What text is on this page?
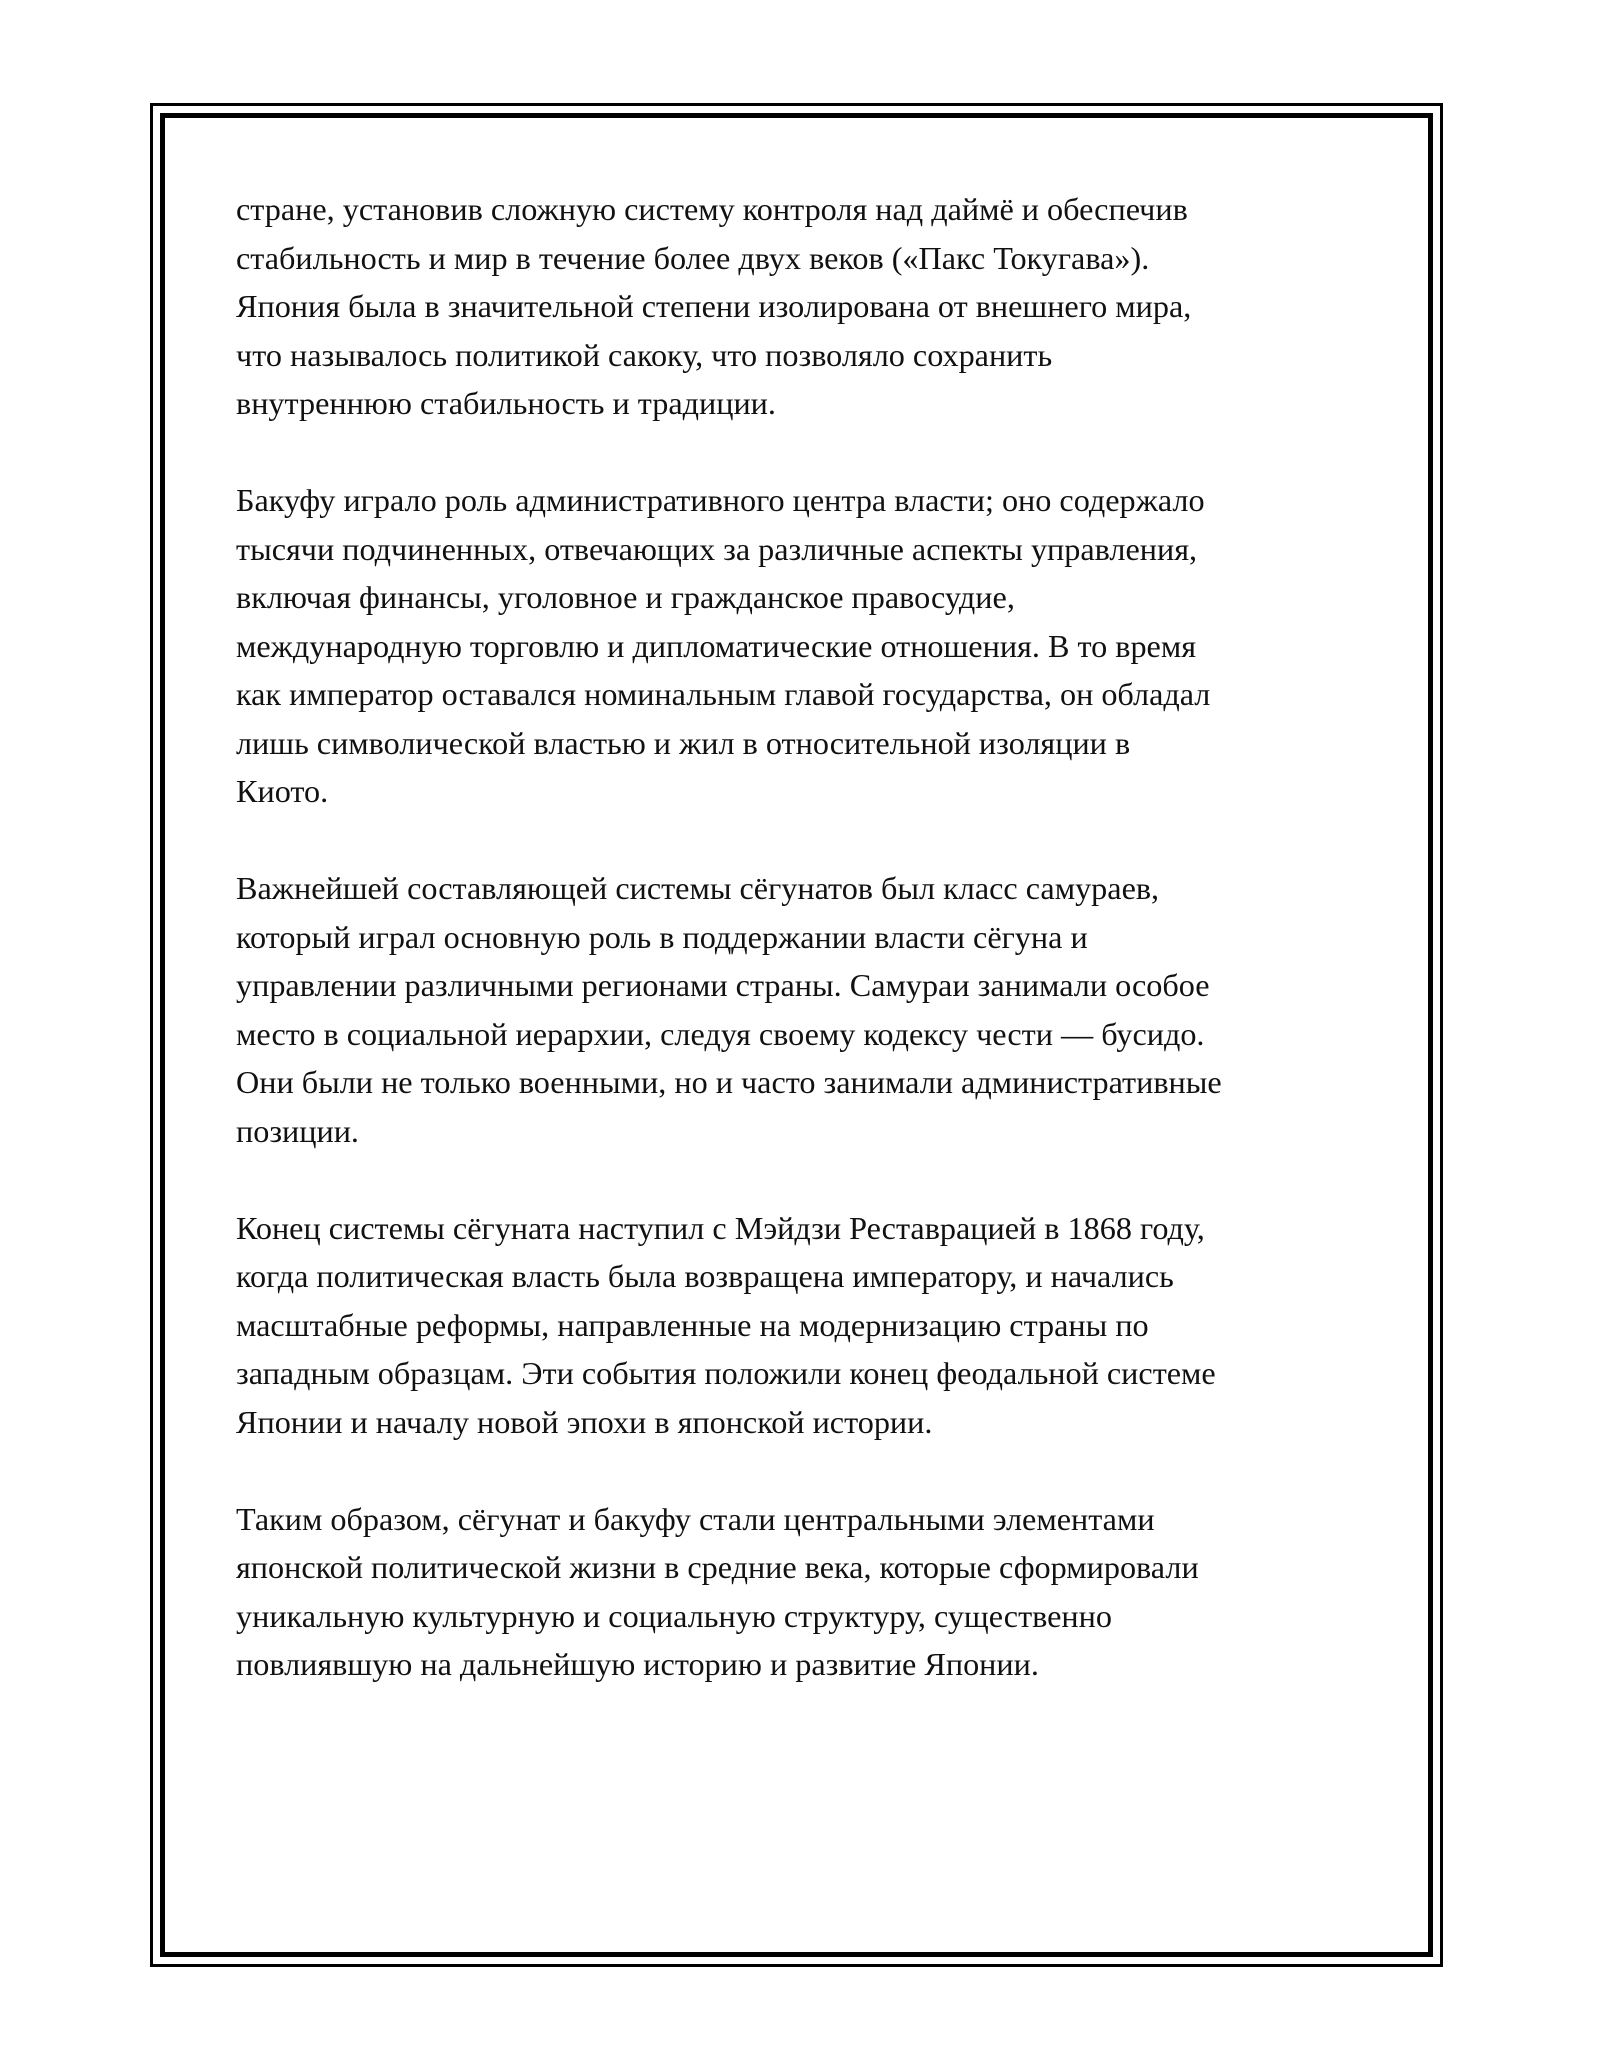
стране, установив сложную систему контроля над даймё и обеспечив
стабильность и мир в течение более двух веков («Пакс Токугава»).
Япония была в значительной степени изолирована от внешнего мира,
что называлось политикой сакоку, что позволяло сохранить
внутреннюю стабильность и традиции.

Бакуфу играло роль административного центра власти; оно содержало
тысячи подчиненных, отвечающих за различные аспекты управления,
включая финансы, уголовное и гражданское правосудие,
международную торговлю и дипломатические отношения. В то время
как император оставался номинальным главой государства, он обладал
лишь символической властью и жил в относительной изоляции в
Киото.

Важнейшей составляющей системы сёгунатов был класс самураев,
который играл основную роль в поддержании власти сёгуна и
управлении различными регионами страны. Самураи занимали особое
место в социальной иерархии, следуя своему кодексу чести — бусидо.
Они были не только военными, но и часто занимали административные
позиции.

Конец системы сёгуната наступил с Мэйдзи Реставрацией в 1868 году,
когда политическая власть была возвращена императору, и начались
масштабные реформы, направленные на модернизацию страны по
западным образцам. Эти события положили конец феодальной системе
Японии и началу новой эпохи в японской истории.

Таким образом, сёгунат и бакуфу стали центральными элементами
японской политической жизни в средние века, которые сформировали
уникальную культурную и социальную структуру, существенно
повлиявшую на дальнейшую историю и развитие Японии.
